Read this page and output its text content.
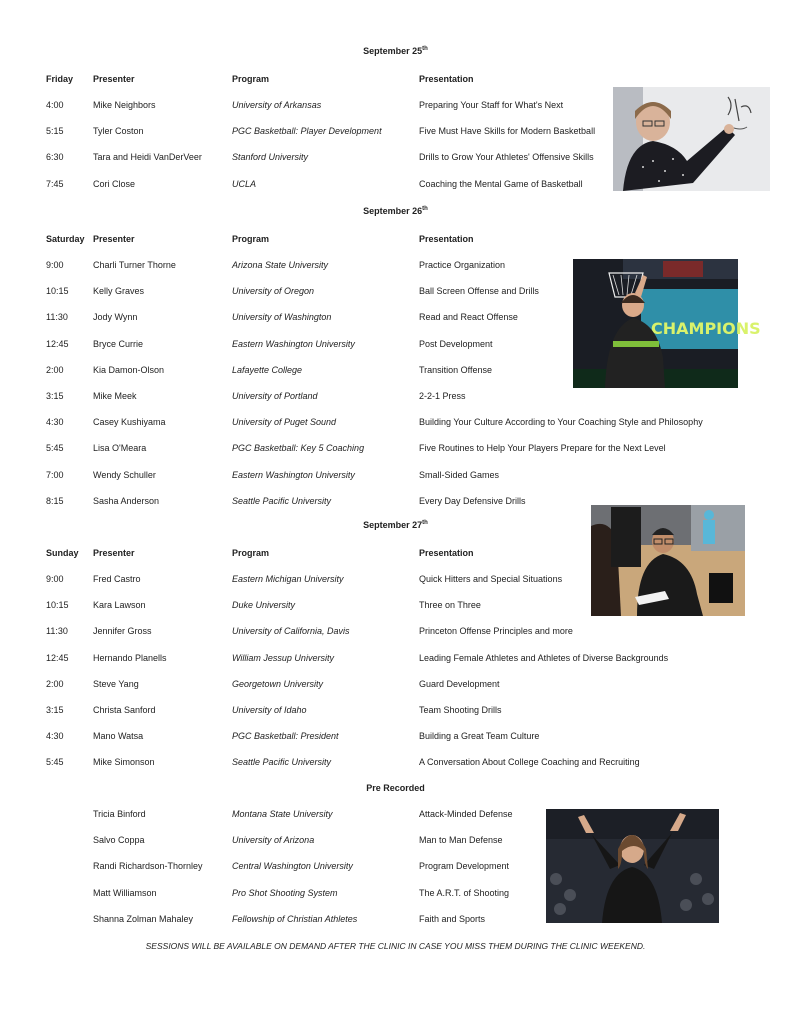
September 25th
Friday Presenter	Program	Presentation
4:00	Mike Neighbors	University of Arkansas	Preparing Your Staff for What's Next
5:15	Tyler Coston	PGC Basketball: Player Development	Five Must Have Skills for Modern Basketball
6:30	Tara and Heidi VanDerVeer	Stanford University	Drills to Grow Your Athletes' Offensive Skills
7:45	Cori Close	UCLA	Coaching the Mental Game of Basketball
September 26th
Saturday Presenter	Program	Presentation
9:00	Charli Turner Thorne	Arizona State University	Practice Organization
10:15	Kelly Graves	University of Oregon	Ball Screen Offense and Drills
11:30	Jody Wynn	University of Washington	Read and React Offense
12:45	Bryce Currie	Eastern Washington University	Post Development
2:00	Kia Damon-Olson	Lafayette College	Transition Offense
3:15	Mike Meek	University of Portland	2-2-1 Press
4:30	Casey Kushiyama	University of Puget Sound	Building Your Culture According to Your Coaching Style and Philosophy
5:45	Lisa O'Meara	PGC Basketball: Key 5 Coaching	Five Routines to Help Your Players Prepare for the Next Level
7:00	Wendy Schuller	Eastern Washington University	Small-Sided Games
8:15	Sasha Anderson	Seattle Pacific University	Every Day Defensive Drills
September 27th
Sunday Presenter	Program	Presentation
9:00	Fred Castro	Eastern Michigan University	Quick Hitters and Special Situations
10:15	Kara Lawson	Duke University	Three on Three
11:30	Jennifer Gross	University of California, Davis	Princeton Offense Principles and more
12:45	Hernando Planells	William Jessup University	Leading Female Athletes and Athletes of Diverse Backgrounds
2:00	Steve Yang	Georgetown University	Guard Development
3:15	Christa Sanford	University of Idaho	Team Shooting Drills
4:30	Mano Watsa	PGC Basketball: President	Building a Great Team Culture
5:45	Mike Simonson	Seattle Pacific University	A Conversation About College Coaching and Recruiting
Pre Recorded
Tricia Binford	Montana State University	Attack-Minded Defense
Salvo Coppa	University of Arizona	Man to Man Defense
Randi Richardson-Thornley	Central Washington University	Program Development
Matt Williamson	Pro Shot Shooting System	The A.R.T. of Shooting
Shanna Zolman Mahaley	Fellowship of Christian Athletes	Faith and Sports
CHAMPIONS
SESSIONS WILL BE AVAILABLE ON DEMAND AFTER THE CLINIC IN CASE YOU MISS THEM DURING THE CLINIC WEEKEND.
